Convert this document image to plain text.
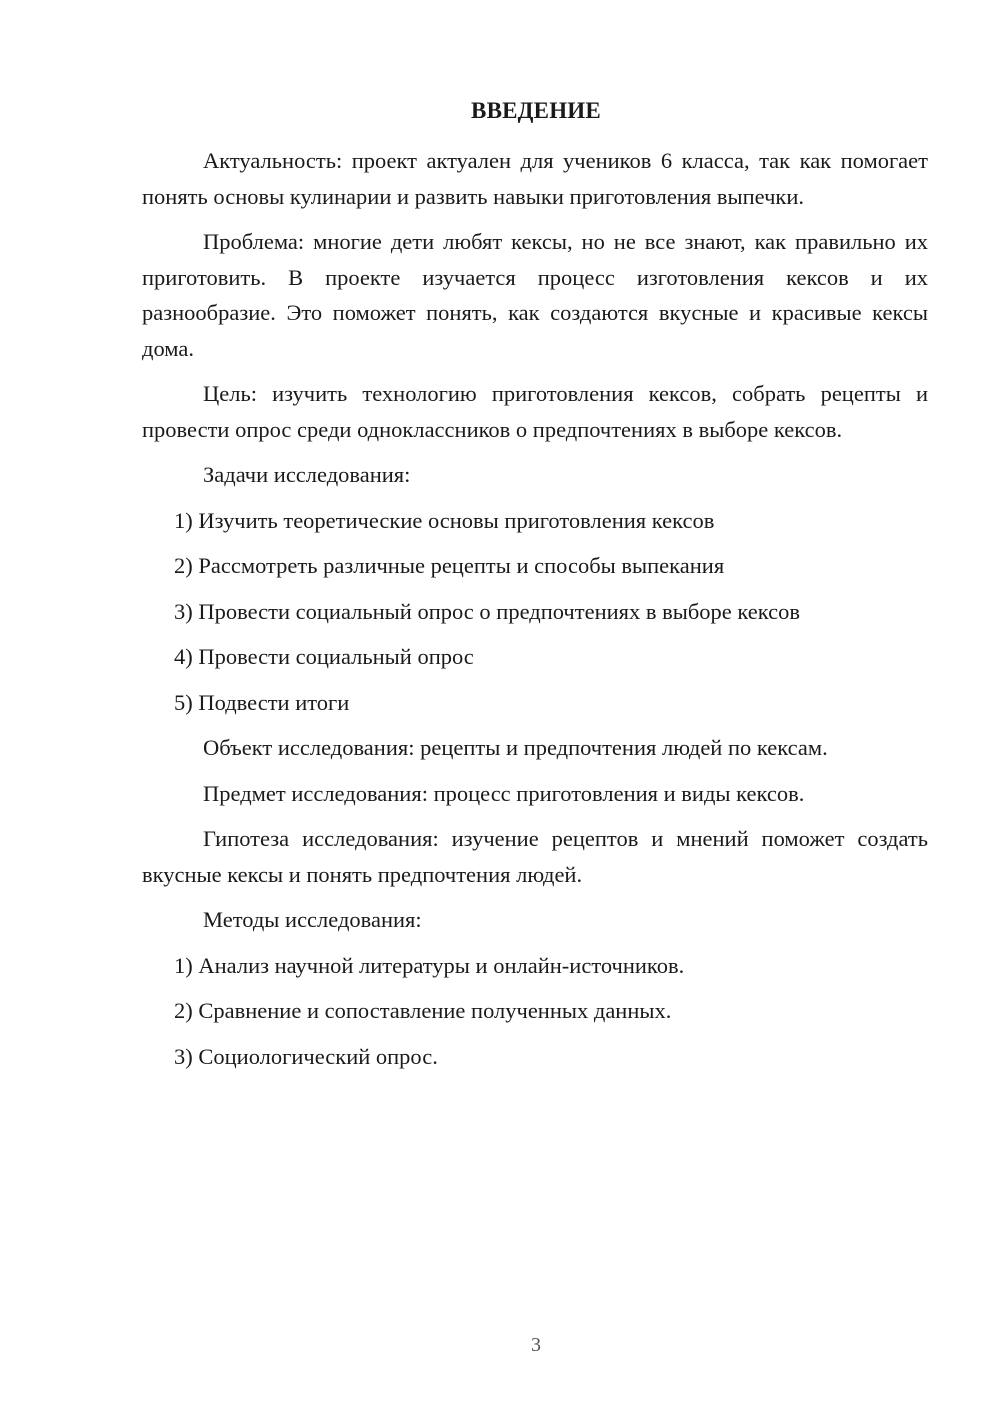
ВВЕДЕНИЕ

Актуальность: проект актуален для учеников 6 класса, так как помогает понять основы кулинарии и развить навыки приготовления выпечки.

Проблема: многие дети любят кексы, но не все знают, как правильно их приготовить. В проекте изучается процесс изготовления кексов и их разнообразие. Это поможет понять, как создаются вкусные и красивые кексы дома.

Цель: изучить технологию приготовления кексов, собрать рецепты и провести опрос среди одноклассников о предпочтениях в выборе кексов.

Задачи исследования:

1) Изучить теоретические основы приготовления кексов

2) Рассмотреть различные рецепты и способы выпекания

3) Провести социальный опрос о предпочтениях в выборе кексов

4) Провести социальный опрос

5) Подвести итоги

Объект исследования: рецепты и предпочтения людей по кексам.

Предмет исследования: процесс приготовления и виды кексов.

Гипотеза исследования: изучение рецептов и мнений поможет создать вкусные кексы и понять предпочтения людей.

Методы исследования:

1) Анализ научной литературы и онлайн-источников.

2) Сравнение и сопоставление полученных данных.

3) Социологический опрос.

3
